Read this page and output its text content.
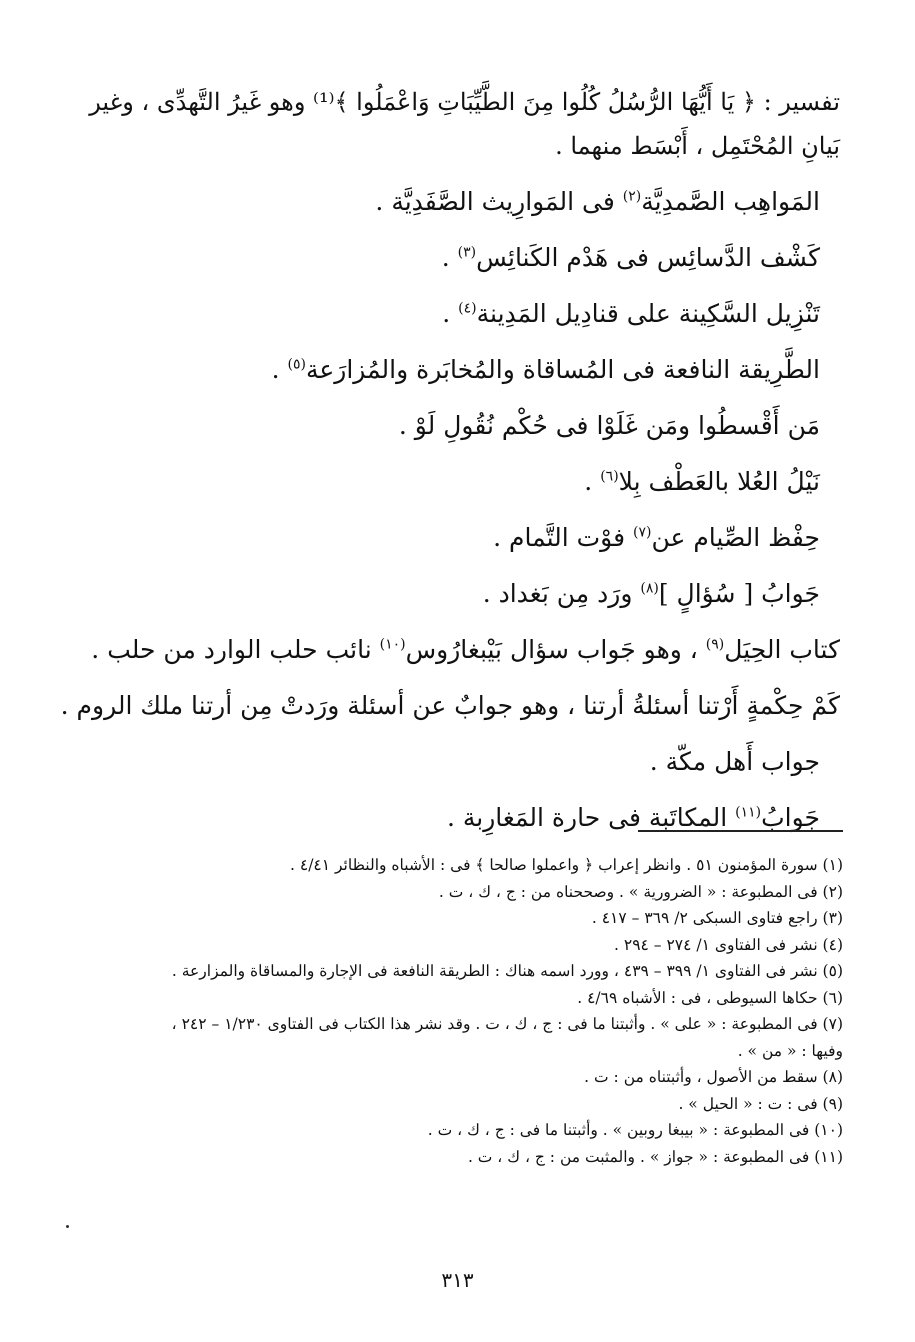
تفسير : ﴿ يَا أَيُّهَا الرُّسُلُ كُلُوا مِنَ الطَّيِّبَاتِ وَاعْمَلُوا ﴾⁽¹⁾ وهو غَيرُ التَّهدِّى ، وغير

بَيانِ المُحْتَمِل ، أَبْسَط منهما .

المَواهِب الصَّمدِيَّة$^{(٢)}$ فى المَوارِيث الصَّفَدِيَّة .

كَشْف الدَّسائِس فى هَدْم الكَنائِس$^{(٣)}$ .

تَنْزِيل السَّكِينة على قنادِيل المَدِينة$^{(٤)}$ .

الطَّرِيقة النافعة فى المُساقاة والمُخابَرة والمُزارَعة$^{(٥)}$ .

مَن أَقْسطُوا ومَن غَلَوْا فى حُكْم نُقُولِ لَوْ .

نَيْلُ العُلا بالعَطْف بِلا$^{(٦)}$ .

حِفْظ الصِّيام عن$^{(٧)}$ فوْت التَّمام .

جَوابُ [ سُؤالٍ ]$^{(٨)}$ ورَد مِن بَغداد .

كتاب الحِيَل$^{(٩)}$ ، وهو جَواب سؤال بَيْبغارُوس$^{(١٠)}$ نائب حلب الوارد من حلب .

كَمْ حِكْمةٍ أَرْتنا أسئلةُ أرتنا ، وهو جوابٌ عن أسئلة ورَدتْ مِن أرتنا ملك الروم .

جواب أَهل مكّة .

جَوابُ$^{(١١)}$ المكاتَبة فى حارة المَغارِبة .

(١) سورة المؤمنون ٥١ . وانظر إعراب ﴿ واعملوا صالحا ﴾ فى : الأشباه والنظائر ٤/٤١ .

(٢) فى المطبوعة : « الضرورية » . وصححناه من : ج ، ك ، ت .

(٣) راجع فتاوى السبكى ٢/ ٣٦٩ – ٤١٧ .

(٤) نشر فى الفتاوى ١/ ٢٧٤ – ٢٩٤ .

(٥) نشر فى الفتاوى ١/ ٣٩٩ – ٤٣٩ ، وورد اسمه هناك : الطريقة النافعة فى الإجارة والمساقاة والمزارعة .

(٦) حكاها السيوطى ، فى : الأشباه ٤/٦٩ .

(٧) فى المطبوعة : « على » . وأثبتنا ما فى : ج ، ك ، ت . وقد نشر هذا الكتاب فى الفتاوى ١/٢٣٠ – ٢٤٢ ،

وفيها : « من » .

(٨) سقط من الأصول ، وأثبتناه من : ت .

(٩) فى : ت : « الحيل » .

(١٠) فى المطبوعة : « بيبغا روبين » . وأثبتنا ما فى : ج ، ك ، ت .

(١١) فى المطبوعة : « جواز » . والمثبت من : ج ، ك ، ت .

٣١٣
